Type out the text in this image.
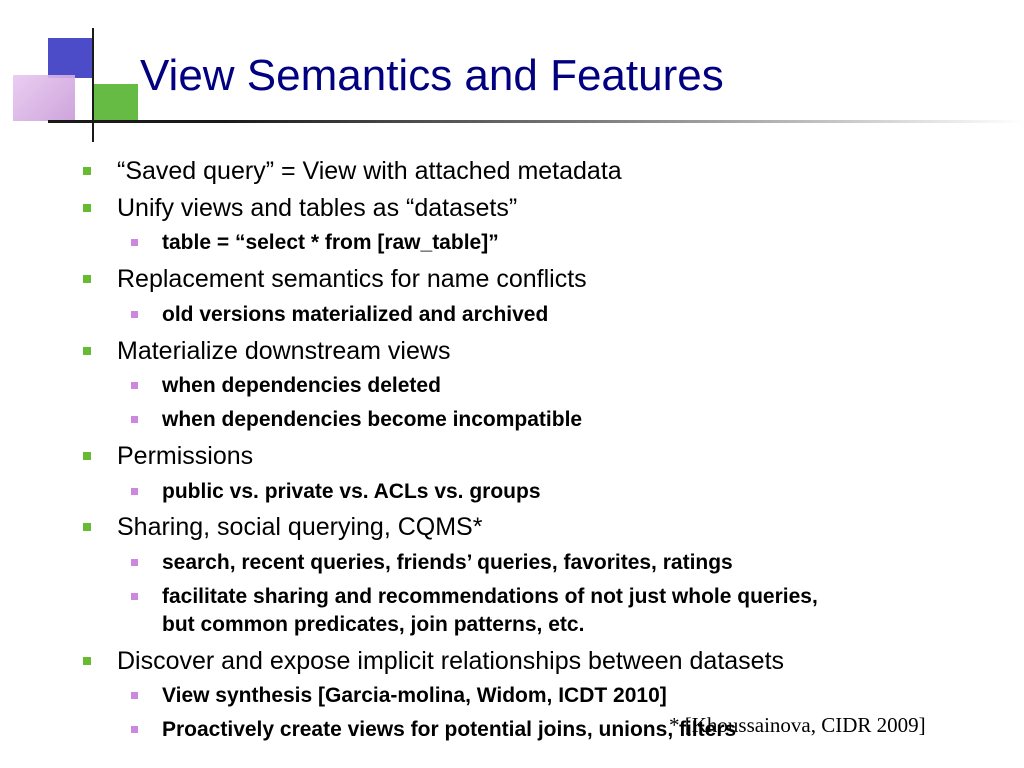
View Semantics and Features
“Saved query” = View with attached metadata
Unify views and tables as “datasets”
table = “select * from [raw_table]”
Replacement semantics for name conflicts
old versions materialized and archived
Materialize downstream views
when dependencies deleted
when dependencies become incompatible
Permissions
public vs. private vs. ACLs vs. groups
Sharing, social querying, CQMS*
search, recent queries, friends’ queries, favorites, ratings
facilitate sharing and recommendations of not just whole queries,
but common predicates, join patterns, etc.
Discover and expose implicit relationships between datasets
View synthesis [Garcia-molina, Widom, ICDT 2010]
Proactively create views for potential joins, unions, filters
* [Khoussainova, CIDR 2009]
